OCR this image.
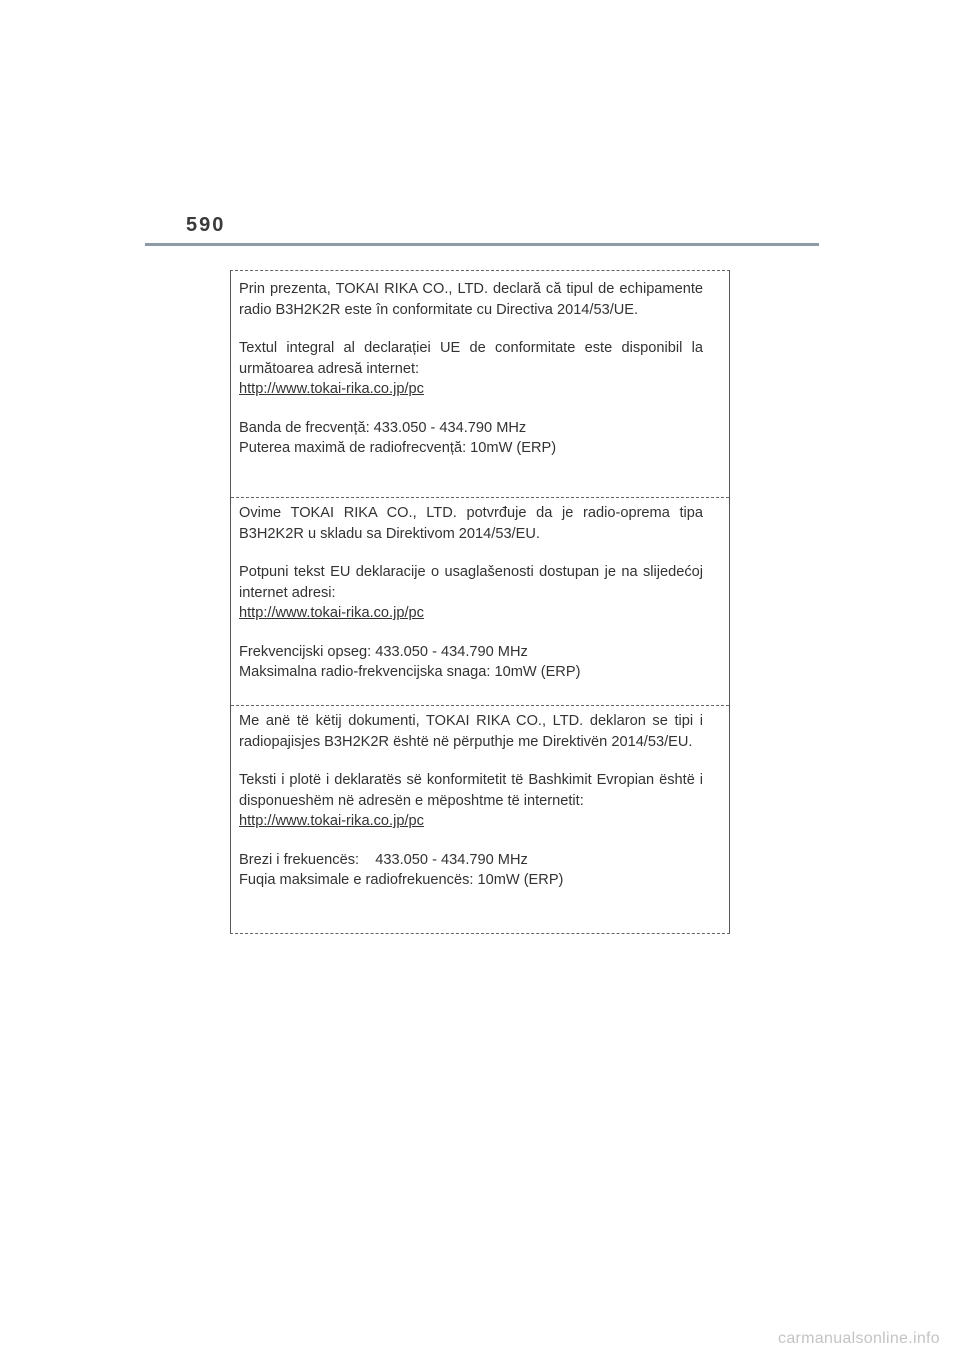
590

Prin prezenta, TOKAI RIKA CO., LTD. declară că tipul de echipamente radio B3H2K2R este în conformitate cu Directiva 2014/53/UE.

Textul integral al declarației UE de conformitate este disponibil la următoarea adresă internet:

http://www.tokai-rika.co.jp/pc
Banda de frecvență: 433.050 - 434.790 MHz
Puterea maximă de radiofrecvență: 10mW (ERP)

Ovime TOKAI RIKA CO., LTD. potvrđuje da je radio-oprema tipa B3H2K2R u skladu sa Direktivom 2014/53/EU.

Potpuni tekst EU deklaracije o usaglašenosti dostupan je na slijedećoj internet adresi:

http://www.tokai-rika.co.jp/pc
Frekvencijski opseg: 433.050 - 434.790 MHz
Maksimalna radio-frekvencijska snaga: 10mW (ERP)

Me anë të këtij dokumenti, TOKAI RIKA CO., LTD. deklaron se tipi i radiopajisjes B3H2K2R është në përputhje me Direktivën 2014/53/EU.

Teksti i plotë i deklaratës së konformitetit të Bashkimit Evropian është i disponueshëm në adresën e mëposhtme të internetit:

http://www.tokai-rika.co.jp/pc
Brezi i frekuencës:    433.050 - 434.790 MHz
Fuqia maksimale e radiofrekuencës: 10mW (ERP)
carmanualsonline.info
